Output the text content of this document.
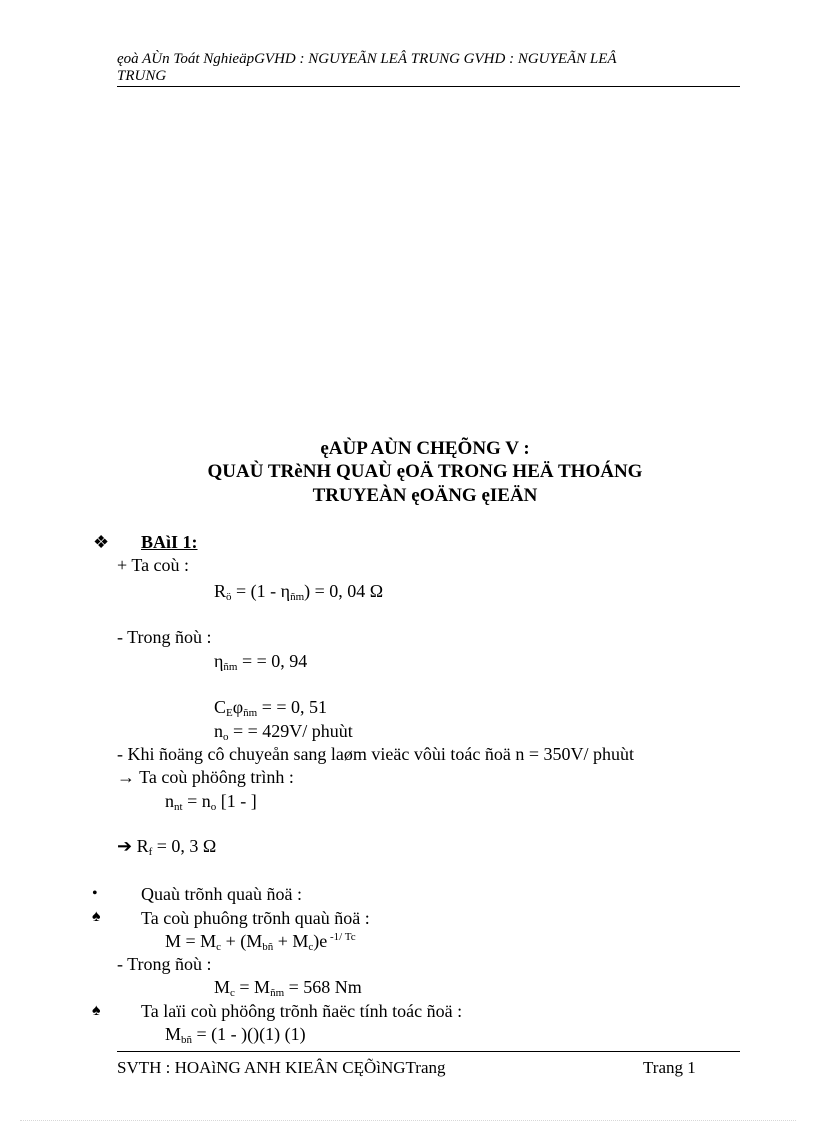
ęoà AÙn Toát NghieäpGVHD : NGUYEÃN LEÂ TRUNG GVHD : NGUYEÃN LEÂ
TRUNG
ęAÙP AÙN CHĘÕNG V :
QUAÙ TRèNH QUAÙ ęOÄ TRONG HEÄ THOÁNG
TRUYEÀN ęOÄNG ęIEÄN
❖ BAìI 1:
+ Ta coù :
$R_ö = (1 - \eta_{ñm}) = 0$, 04 Ω
- Trong ñoù :
$\eta_{ñm}$ = = 0, 94
$C_E\varphi_{ñm}$ = = 0, 51
$n_o$ = = 429V/ phuùt
- Khi ñoäng cô chuyeån sang laøm vieäc vôùi toác ñoä n = 350V/ phuùt
→ Ta coù phöông trình :
$n_{nt} = n_o$ [1 - ]
➔ $R_f = 0$, 3 Ω
• Quaù trõnh quaù ñoä :
♠ Ta coù phuông trõnh quaù ñoä :
$M = M_c + (M_{bñ} + M_c)e$ $^{-1/ Tc}$
- Trong ñoù :
$M_c = M_{ñm} = 568$ Nm
♠ Ta laïi coù phöông trõnh ñaëc tính toác ñoä :
$M_{bñ} = (1 - )()(1)$ (1)
SVTH : HOAìNG ANH KIEÂN CĘÕìNGTrang	Trang 1
